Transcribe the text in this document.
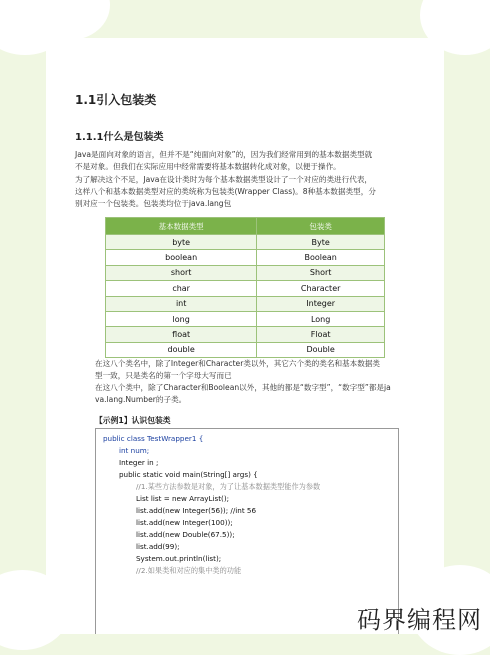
1.1引入包装类
1.1.1什么是包装类
Java是面向对象的语言，但并不是“纯面向对象”的，因为我们经常用到的基本数据类型就
不是对象。但我们在实际应用中经常需要将基本数据转化成对象，以便于操作。
为了解决这个不足，Java在设计类时为每个基本数据类型设计了一个对应的类进行代表，
这样八个和基本数据类型对应的类统称为包装类(Wrapper Class)。8种基本数据类型，分
别对应一个包装类。包装类均位于java.lang包
基本数据类型	包装类
byte	Byte
boolean	Boolean
short	Short
char	Character
int	Integer
long	Long
float	Float
double	Double
在这八个类名中，除了Integer和Character类以外，其它六个类的类名和基本数据类
型一致，只是类名的第一个字母大写而已
在这八个类中，除了Character和Boolean以外，其他的都是“数字型”，“数字型”都是ja
va.lang.Number的子类。
【示例1】认识包装类
public class TestWrapper1 {
int num;
Integer in ;
public static void main(String[] args) {
//1.某些方法参数是对象，为了让基本数据类型能作为参数
List list = new ArrayList();
list.add(new Integer(56)); //int 56
list.add(new Integer(100));
list.add(new Double(67.5));
list.add(99);
System.out.println(list);
//2.如果类和对应的集中类的功能
码界编程网
